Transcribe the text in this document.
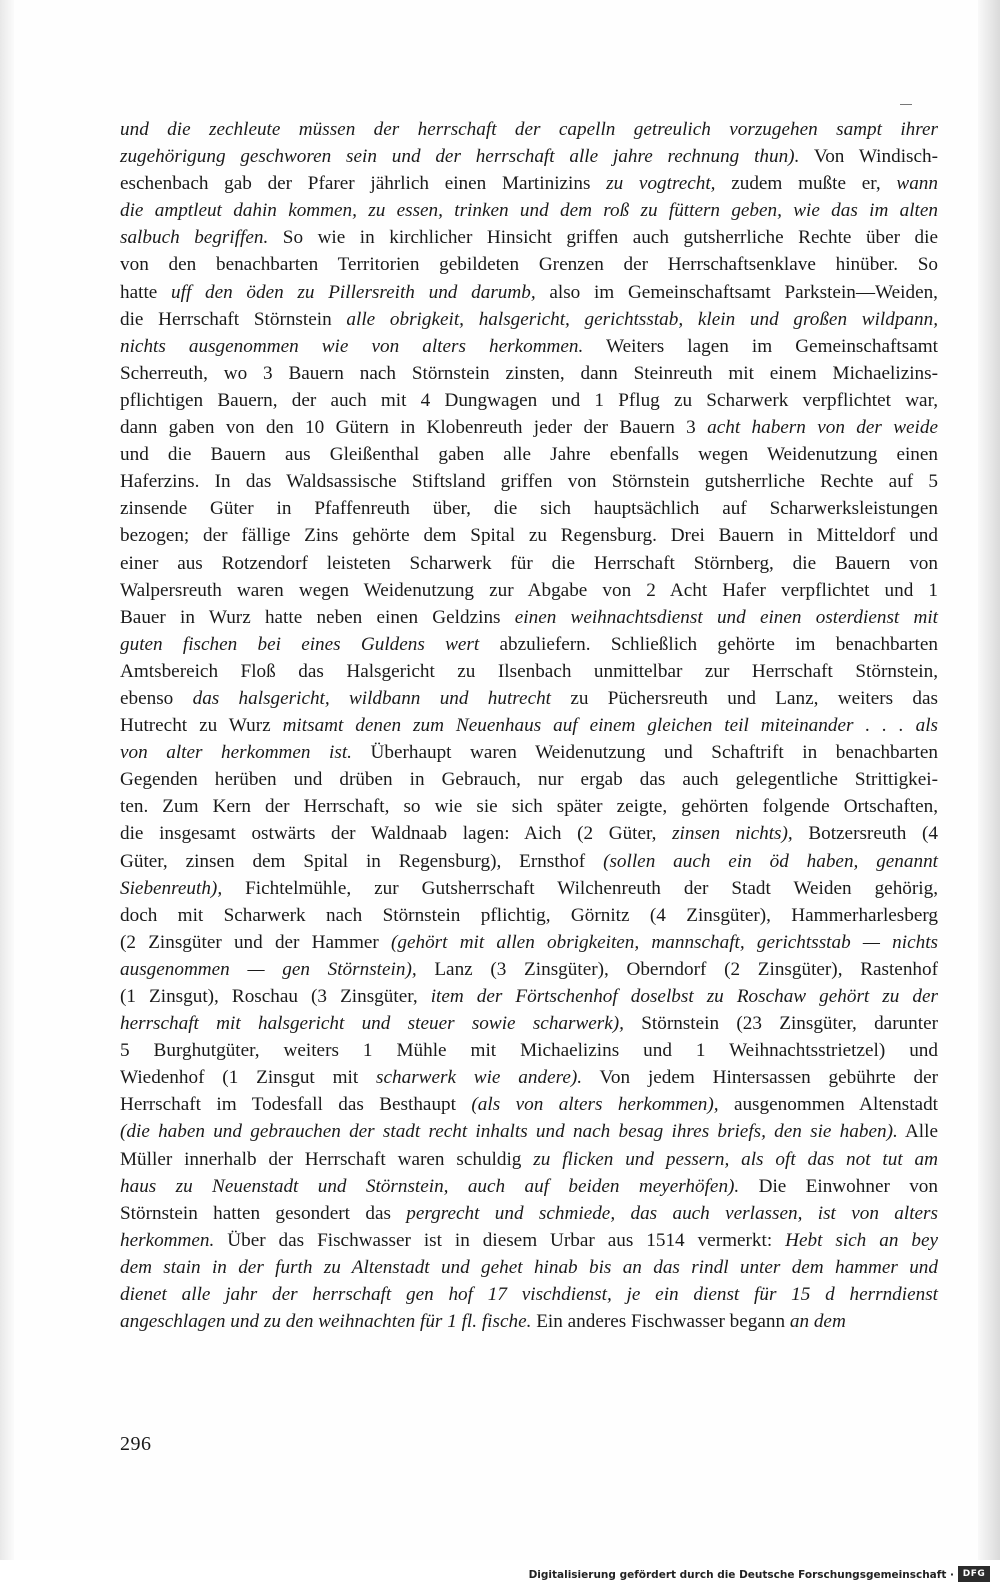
und die zechleute müssen der herrschaft der capelln getreulich vorzugehen sampt ihrer
zugehörigung geschworen sein und der herrschaft alle jahre rechnung thun). Von Windisch-
eschenbach gab der Pfarer jährlich einen Martinizins zu vogtrecht, zudem mußte er, wann
die amptleut dahin kommen, zu essen, trinken und dem roß zu füttern geben, wie das im alten
salbuch begriffen. So wie in kirchlicher Hinsicht griffen auch gutsherrliche Rechte über die
von den benachbarten Territorien gebildeten Grenzen der Herrschaftsenklave hinüber. So
hatte uff den öden zu Pillersreith und darumb, also im Gemeinschaftsamt Parkstein—Weiden,
die Herrschaft Störnstein alle obrigkeit, halsgericht, gerichtsstab, klein und großen wildpann,
nichts ausgenommen wie von alters herkommen. Weiters lagen im Gemeinschaftsamt
Scherreuth, wo 3 Bauern nach Störnstein zinsten, dann Steinreuth mit einem Michaelizins-
pflichtigen Bauern, der auch mit 4 Dungwagen und 1 Pflug zu Scharwerk verpflichtet war,
dann gaben von den 10 Gütern in Klobenreuth jeder der Bauern 3 acht habern von der weide
und die Bauern aus Gleißenthal gaben alle Jahre ebenfalls wegen Weidenutzung einen
Haferzins. In das Waldsassische Stiftsland griffen von Störnstein gutsherrliche Rechte auf 5
zinsende Güter in Pfaffenreuth über, die sich hauptsächlich auf Scharwerksleistungen
bezogen; der fällige Zins gehörte dem Spital zu Regensburg. Drei Bauern in Mitteldorf und
einer aus Rotzendorf leisteten Scharwerk für die Herrschaft Störnberg, die Bauern von
Walpersreuth waren wegen Weidenutzung zur Abgabe von 2 Acht Hafer verpflichtet und 1
Bauer in Wurz hatte neben einen Geldzins einen weihnachtsdienst und einen osterdienst mit
guten fischen bei eines Guldens wert abzuliefern. Schließlich gehörte im benachbarten
Amtsbereich Floß das Halsgericht zu Ilsenbach unmittelbar zur Herrschaft Störnstein,
ebenso das halsgericht, wildbann und hutrecht zu Püchersreuth und Lanz, weiters das
Hutrecht zu Wurz mitsamt denen zum Neuenhaus auf einem gleichen teil miteinander . . . als
von alter herkommen ist. Überhaupt waren Weidenutzung und Schaftrift in benachbarten
Gegenden herüben und drüben in Gebrauch, nur ergab das auch gelegentliche Strittigkei-
ten. Zum Kern der Herrschaft, so wie sie sich später zeigte, gehörten folgende Ortschaften,
die insgesamt ostwärts der Waldnaab lagen: Aich (2 Güter, zinsen nichts), Botzersreuth (4
Güter, zinsen dem Spital in Regensburg), Ernsthof (sollen auch ein öd haben, genannt
Siebenreuth), Fichtelmühle, zur Gutsherrschaft Wilchenreuth der Stadt Weiden gehörig,
doch mit Scharwerk nach Störnstein pflichtig, Görnitz (4 Zinsgüter), Hammerharlesberg
(2 Zinsgüter und der Hammer (gehört mit allen obrigkeiten, mannschaft, gerichtsstab — nichts
ausgenommen — gen Störnstein), Lanz (3 Zinsgüter), Oberndorf (2 Zinsgüter), Rastenhof
(1 Zinsgut), Roschau (3 Zinsgüter, item der Förtschenhof doselbst zu Roschaw gehört zu der
herrschaft mit halsgericht und steuer sowie scharwerk), Störnstein (23 Zinsgüter, darunter
5 Burghutgüter, weiters 1 Mühle mit Michaelizins und 1 Weihnachtsstrietzel) und
Wiedenhof (1 Zinsgut mit scharwerk wie andere). Von jedem Hintersassen gebührte der
Herrschaft im Todesfall das Besthaupt (als von alters herkommen), ausgenommen Altenstadt
(die haben und gebrauchen der stadt recht inhalts und nach besag ihres briefs, den sie haben). Alle
Müller innerhalb der Herrschaft waren schuldig zu flicken und pessern, als oft das not tut am
haus zu Neuenstadt und Störnstein, auch auf beiden meyerhöfen). Die Einwohner von
Störnstein hatten gesondert das pergrecht und schmiede, das auch verlassen, ist von alters
herkommen. Über das Fischwasser ist in diesem Urbar aus 1514 vermerkt: Hebt sich an bey
dem stain in der furth zu Altenstadt und gehet hinab bis an das rindl unter dem hammer und
dienet alle jahr der herrschaft gen hof 17 vischdienst, je ein dienst für 15 d herrndienst
angeschlagen und zu den weihnachten für 1 fl. fische. Ein anderes Fischwasser begann an dem
296
Digitalisierung gefördert durch die Deutsche Forschungsgemeinschaft · DFG
